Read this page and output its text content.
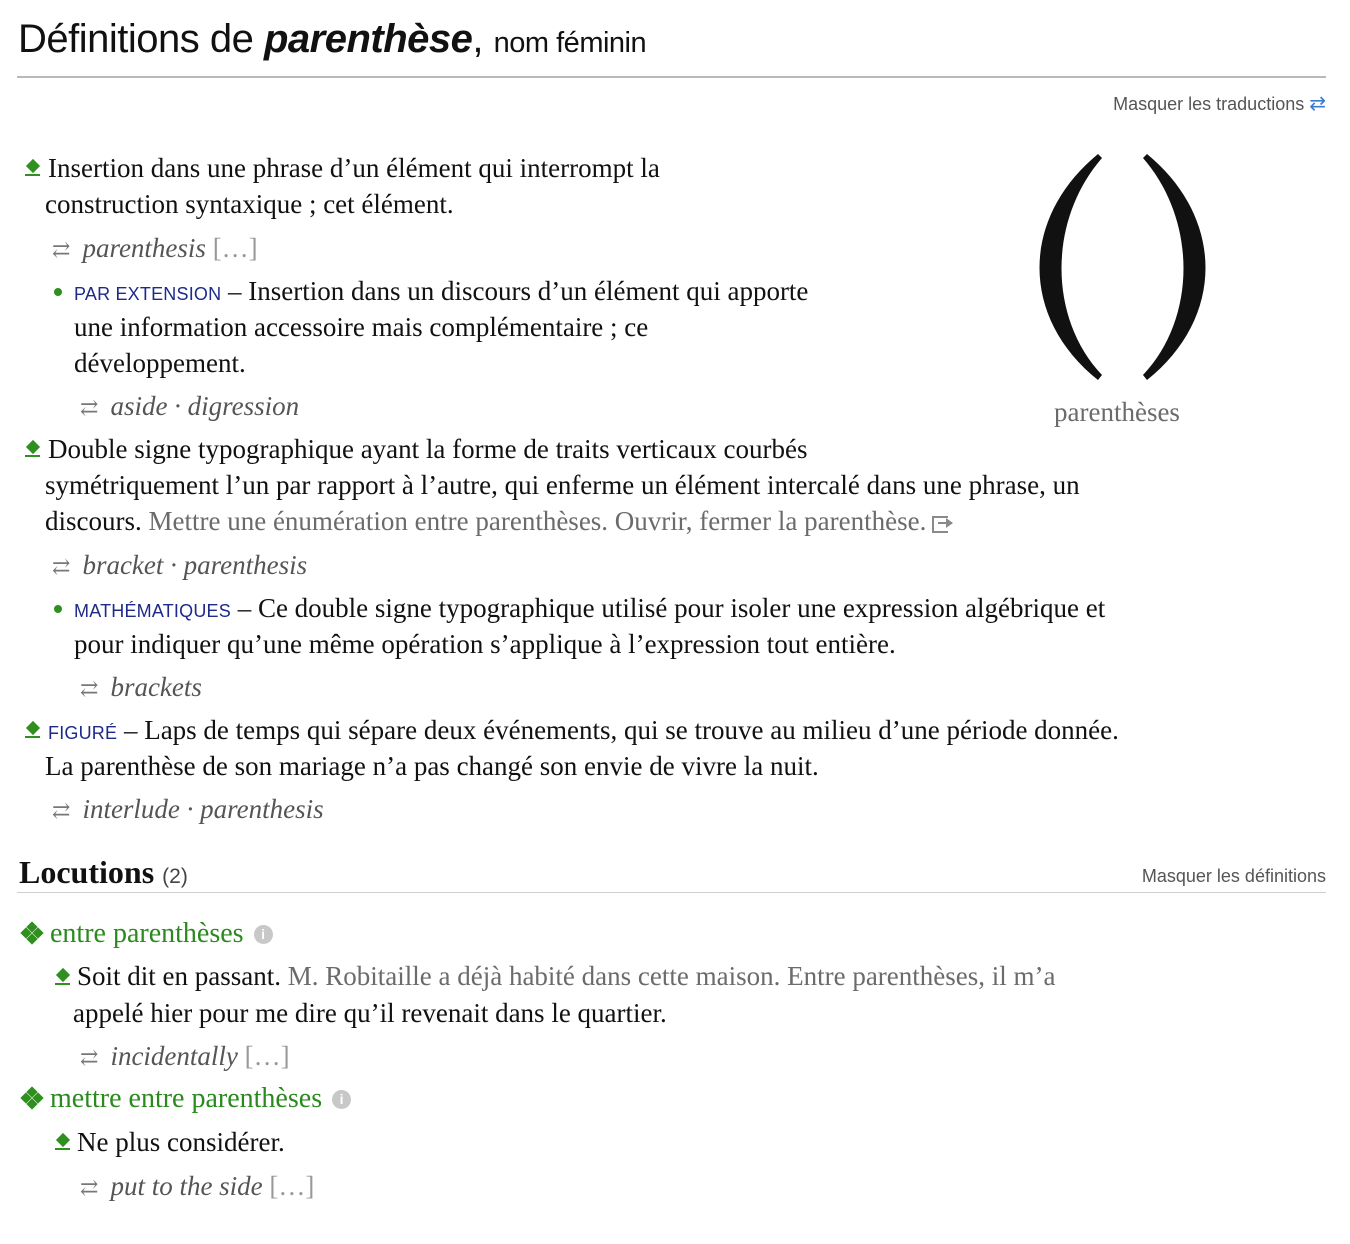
Définitions de parenthèse, nom féminin
Masquer les traductions ⇄
Insertion dans une phrase d’un élément qui interrompt la
construction syntaxique ; cet élément.
⇄ parenthesis […]
PAR EXTENSION – Insertion dans un discours d’un élément qui apporte
une information accessoire mais complémentaire ; ce
développement.
⇄ aside · digression	parenthèses
Double signe typographique ayant la forme de traits verticaux courbés
symétriquement l’un par rapport à l’autre, qui enferme un élément intercalé dans une phrase, un
discours. Mettre une énumération entre parenthèses. Ouvrir, fermer la parenthèse.
⇄ bracket · parenthesis
MATHÉMATIQUES – Ce double signe typographique utilisé pour isoler une expression algébrique et
pour indiquer qu’une même opération s’applique à l’expression tout entière.
⇄ brackets
FIGURÉ – Laps de temps qui sépare deux événements, qui se trouve au milieu d’une période donnée.
La parenthèse de son mariage n’a pas changé son envie de vivre la nuit.
⇄ interlude · parenthesis
Locutions (2)	Masquer les définitions
entre parenthèses i
Soit dit en passant. M. Robitaille a déjà habité dans cette maison. Entre parenthèses, il m’a
appelé hier pour me dire qu’il revenait dans le quartier.
⇄ incidentally […]
mettre entre parenthèses i
Ne plus considérer.
⇄ put to the side […]
